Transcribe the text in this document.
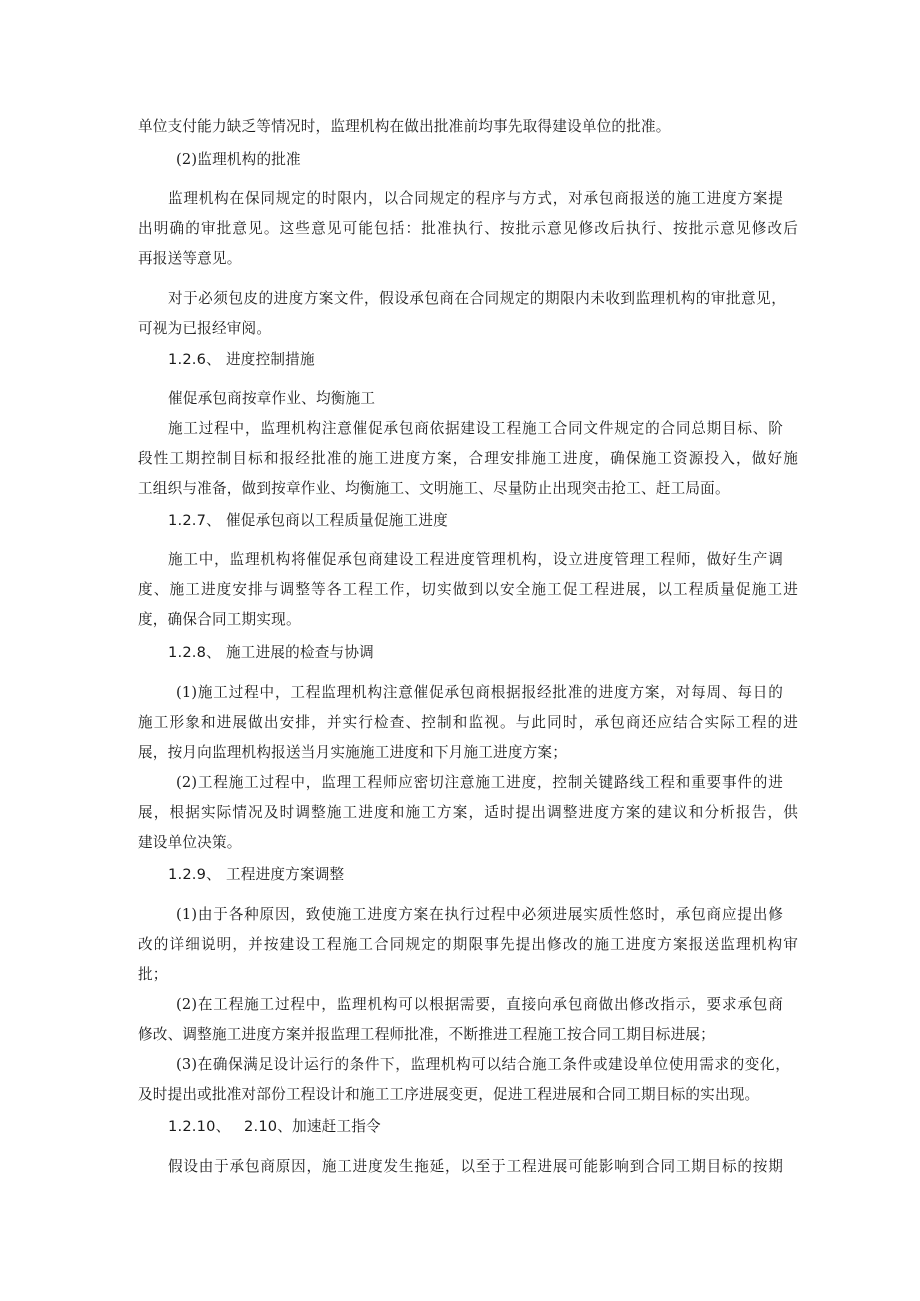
单位支付能力缺乏等情况时，监理机构在做出批准前均事先取得建设单位的批准。
(2)监理机构的批准
监理机构在保同规定的时限内，以合同规定的程序与方式，对承包商报送的施工进度方案提
出明确的审批意见。这些意见可能包括：批准执行、按批示意见修改后执行、按批示意见修改后
再报送等意见。
对于必须包皮的进度方案文件，假设承包商在合同规定的期限内未收到监理机构的审批意见，
可视为已报经审阅。
1.2.6、 进度控制措施
催促承包商按章作业、均衡施工
施工过程中，监理机构注意催促承包商依据建设工程施工合同文件规定的合同总期目标、阶
段性工期控制目标和报经批准的施工进度方案，合理安排施工进度，确保施工资源投入，做好施
工组织与准备，做到按章作业、均衡施工、文明施工、尽量防止出现突击抢工、赶工局面。
1.2.7、 催促承包商以工程质量促施工进度
施工中，监理机构将催促承包商建设工程进度管理机构，设立进度管理工程师，做好生产调
度、施工进度安排与调整等各工程工作，切实做到以安全施工促工程进展，以工程质量促施工进
度，确保合同工期实现。
1.2.8、 施工进展的检查与协调
(1)施工过程中，工程监理机构注意催促承包商根据报经批准的进度方案，对每周、每日的
施工形象和进展做出安排，并实行检查、控制和监视。与此同时，承包商还应结合实际工程的进
展，按月向监理机构报送当月实施施工进度和下月施工进度方案；
(2)工程施工过程中，监理工程师应密切注意施工进度，控制关键路线工程和重要事件的进
展，根据实际情况及时调整施工进度和施工方案，适时提出调整进度方案的建议和分析报告，供
建设单位决策。
1.2.9、 工程进度方案调整
(1)由于各种原因，致使施工进度方案在执行过程中必须进展实质性悠时，承包商应提出修
改的详细说明，并按建设工程施工合同规定的期限事先提出修改的施工进度方案报送监理机构审
批；
(2)在工程施工过程中，监理机构可以根据需要，直接向承包商做出修改指示，要求承包商
修改、调整施工进度方案并报监理工程师批准，不断推进工程施工按合同工期目标进展；
(3)在确保满足设计运行的条件下，监理机构可以结合施工条件或建设单位使用需求的变化，
及时提出或批准对部份工程设计和施工工序进展变更，促进工程进展和合同工期目标的实出现。
1.2.10、 2.10、加速赶工指令
假设由于承包商原因，施工进度发生拖延，以至于工程进展可能影响到合同工期目标的按期
